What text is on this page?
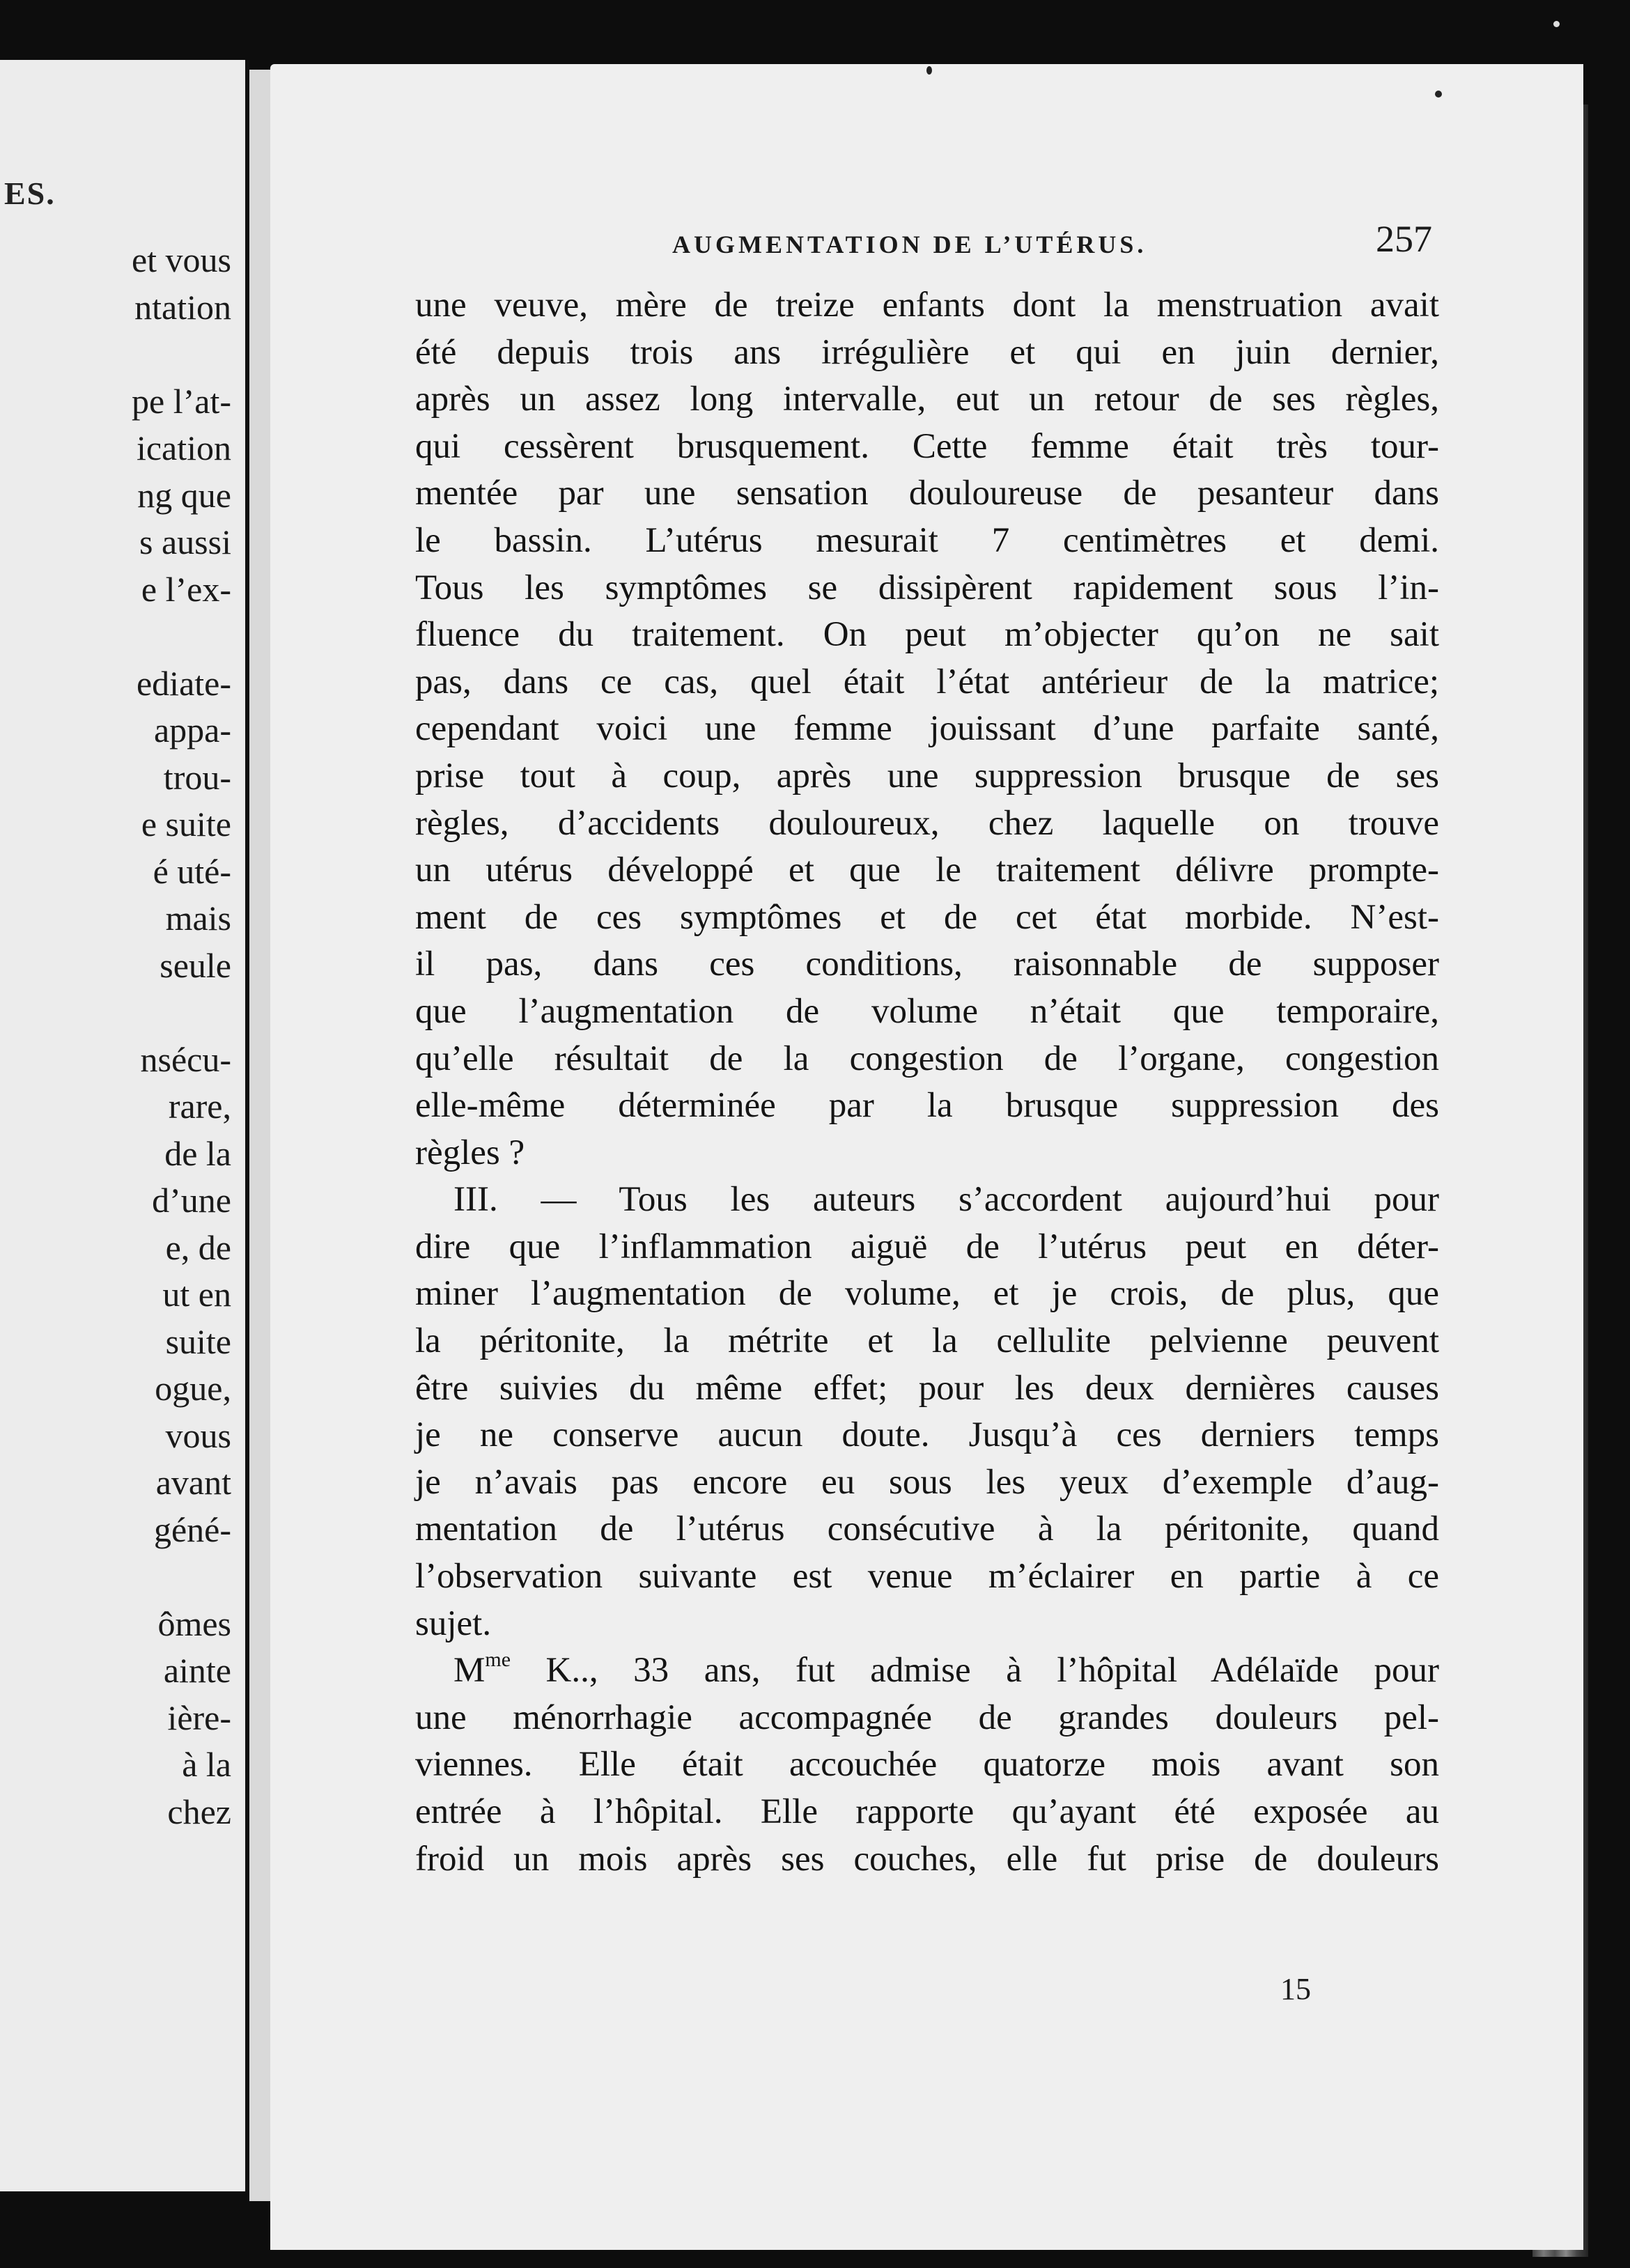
ES.
et vous
ntation
pe l’at-
ication
ng que
s aussi
e l’ex-
ediate-
appa-
trou-
e suite
é uté-
mais
seule
nsécu-
rare,
de la
d’une
e, de
ut en
suite
ogue,
vous
avant
géné-
ômes
ainte
ière-
à la
chez
AUGMENTATION DE L’UTÉRUS.	257
une veuve, mère de treize enfants dont la menstruation avait
été depuis trois ans irrégulière et qui en juin dernier,
après un assez long intervalle, eut un retour de ses règles,
qui cessèrent brusquement. Cette femme était très tour-
mentée par une sensation douloureuse de pesanteur dans
le bassin. L’utérus mesurait 7 centimètres et demi.
Tous les symptômes se dissipèrent rapidement sous l’in-
fluence du traitement. On peut m’objecter qu’on ne sait
pas, dans ce cas, quel était l’état antérieur de la matrice;
cependant voici une femme jouissant d’une parfaite santé,
prise tout à coup, après une suppression brusque de ses
règles, d’accidents douloureux, chez laquelle on trouve
un utérus développé et que le traitement délivre prompte-
ment de ces symptômes et de cet état morbide. N’est-
il pas, dans ces conditions, raisonnable de supposer
que l’augmentation de volume n’était que temporaire,
qu’elle résultait de la congestion de l’organe, congestion
elle-même déterminée par la brusque suppression des
règles ?
III. — Tous les auteurs s’accordent aujourd’hui pour
dire que l’inflammation aiguë de l’utérus peut en déter-
miner l’augmentation de volume, et je crois, de plus, que
la péritonite, la métrite et la cellulite pelvienne peuvent
être suivies du même effet; pour les deux dernières causes
je ne conserve aucun doute. Jusqu’à ces derniers temps
je n’avais pas encore eu sous les yeux d’exemple d’aug-
mentation de l’utérus consécutive à la péritonite, quand
l’observation suivante est venue m’éclairer en partie à ce
sujet.
$M^{me}$ K.., 33 ans, fut admise à l’hôpital Adélaïde pour
une ménorrhagie accompagnée de grandes douleurs pel-
viennes. Elle était accouchée quatorze mois avant son
entrée à l’hôpital. Elle rapporte qu’ayant été exposée au
froid un mois après ses couches, elle fut prise de douleurs
15
